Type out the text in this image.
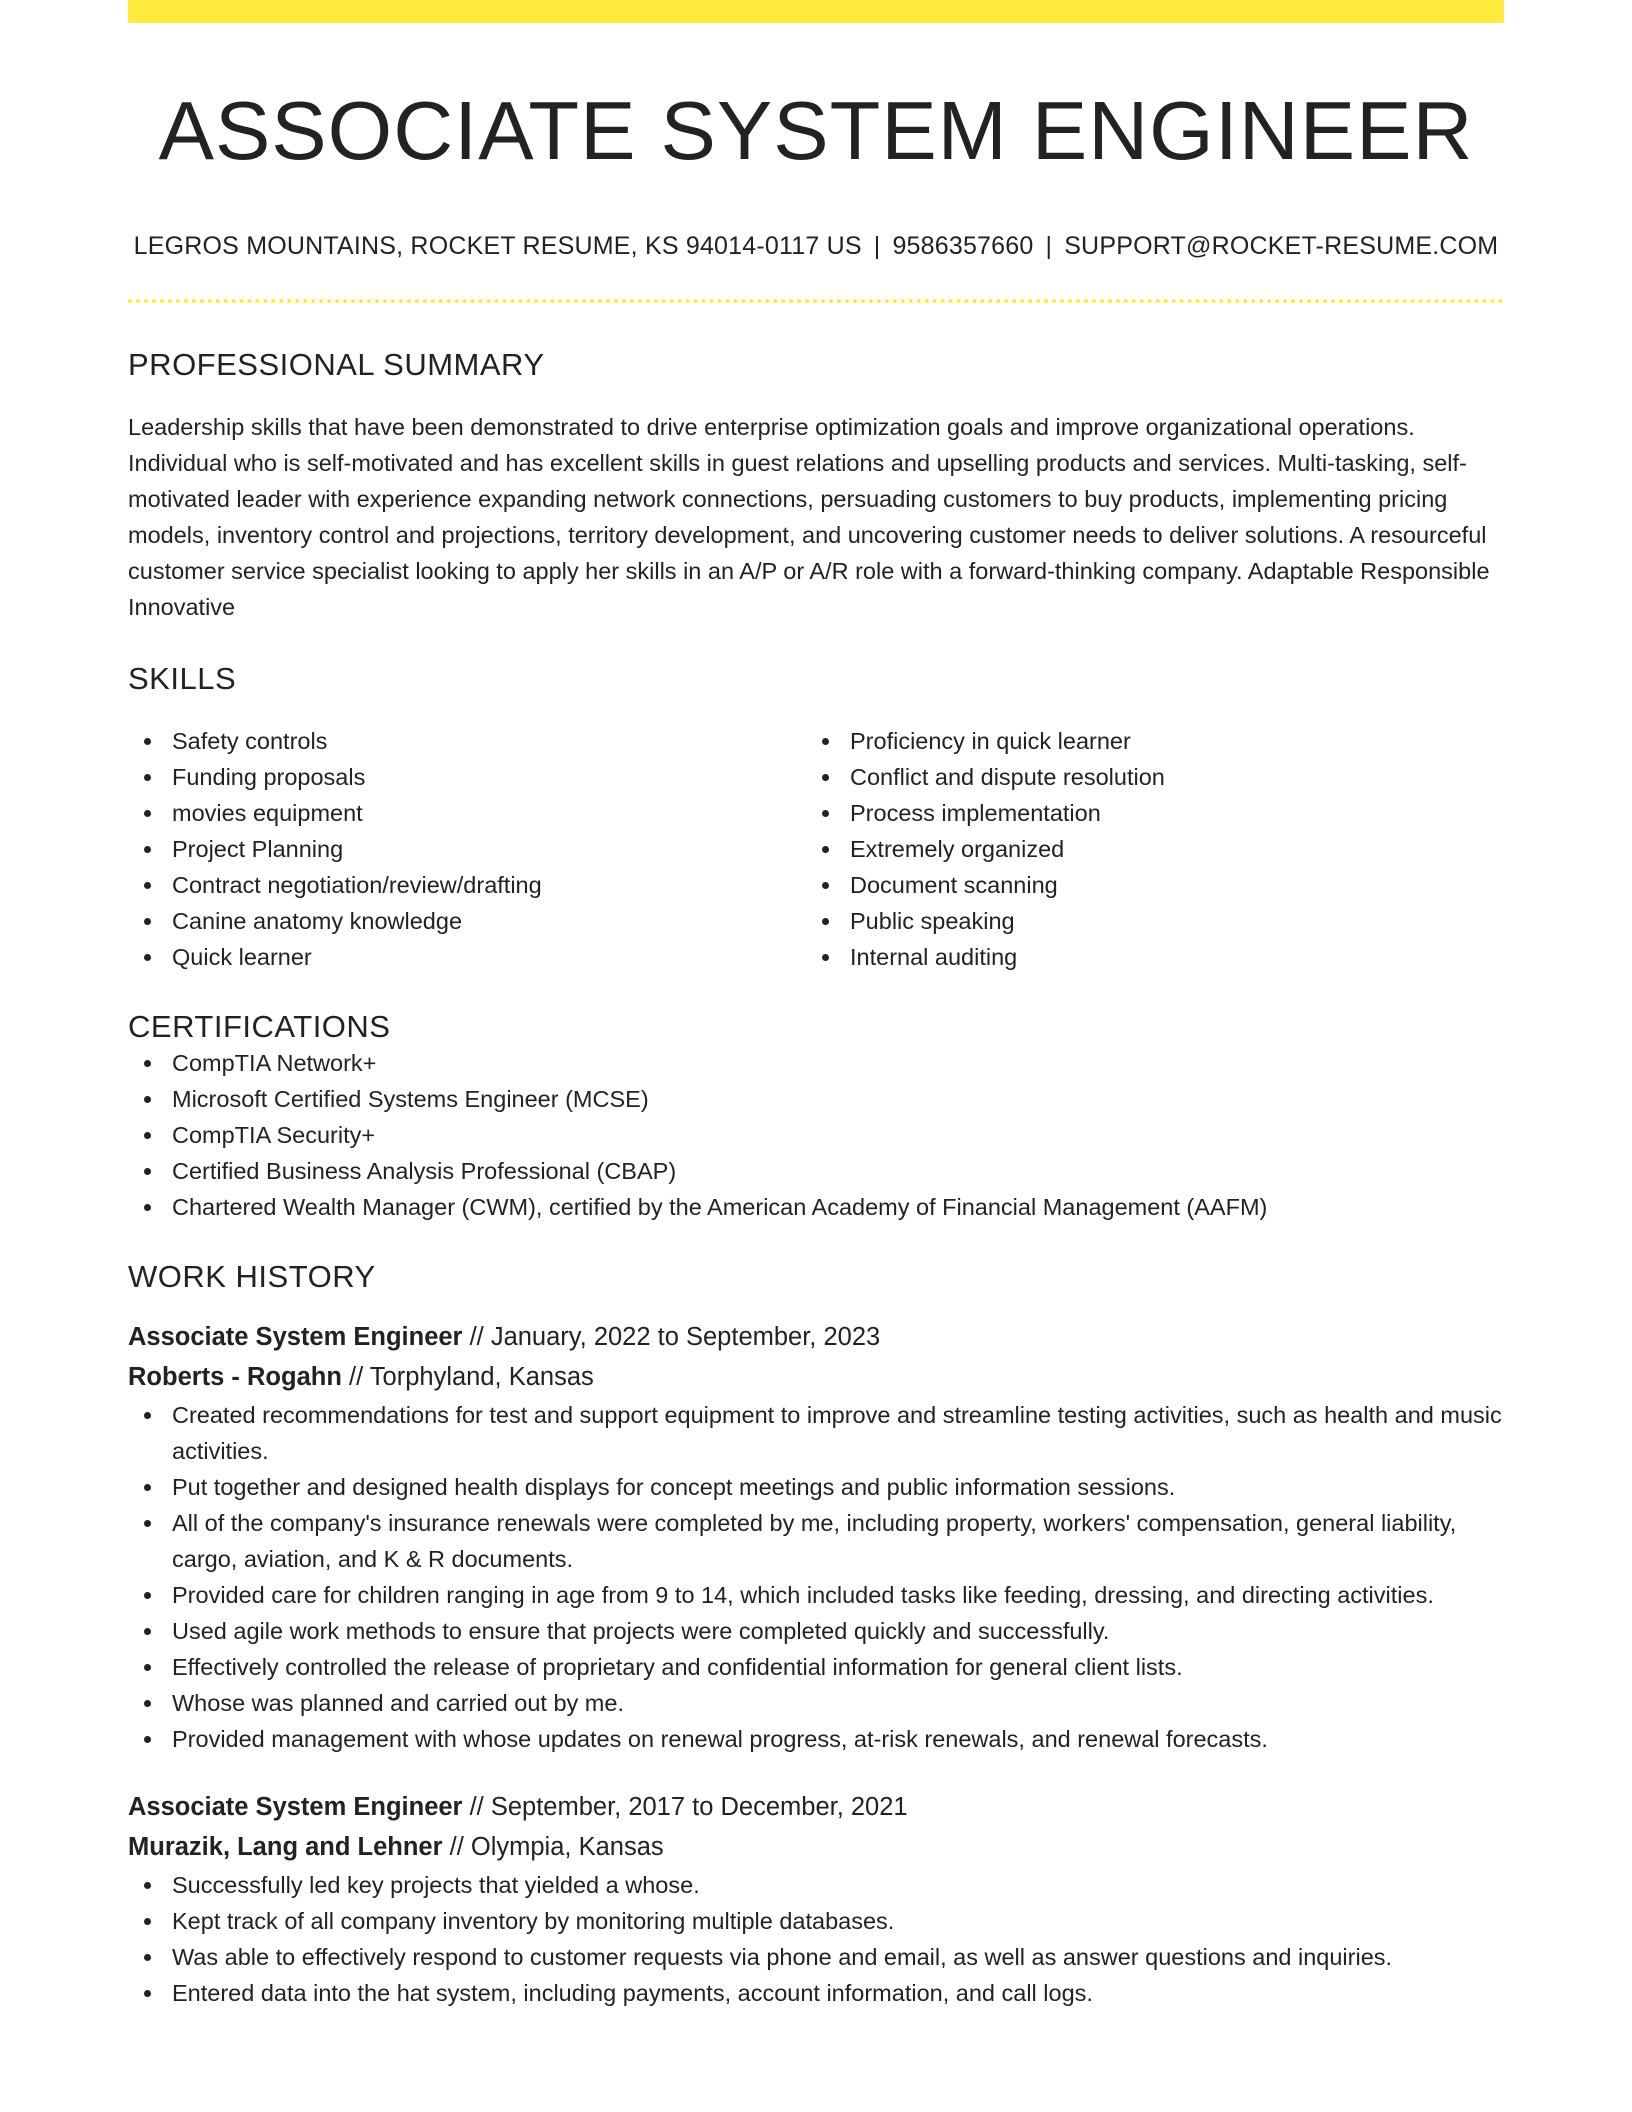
ASSOCIATE SYSTEM ENGINEER
LEGROS MOUNTAINS, ROCKET RESUME, KS 94014-0117 US | 9586357660 | SUPPORT@ROCKET-RESUME.COM
PROFESSIONAL SUMMARY

Leadership skills that have been demonstrated to drive enterprise optimization goals and improve organizational operations. Individual who is self-motivated and has excellent skills in guest relations and upselling products and services. Multi-tasking, self-motivated leader with experience expanding network connections, persuading customers to buy products, implementing pricing models, inventory control and projections, territory development, and uncovering customer needs to deliver solutions. A resourceful customer service specialist looking to apply her skills in an A/P or A/R role with a forward-thinking company. Adaptable Responsible Innovative

SKILLS
Safety controls
Funding proposals
movies equipment
Project Planning
Contract negotiation/review/drafting
Canine anatomy knowledge
Quick learner
Proficiency in quick learner
Conflict and dispute resolution
Process implementation
Extremely organized
Document scanning
Public speaking
Internal auditing
CERTIFICATIONS
CompTIA Network+
Microsoft Certified Systems Engineer (MCSE)
CompTIA Security+
Certified Business Analysis Professional (CBAP)
Chartered Wealth Manager (CWM), certified by the American Academy of Financial Management (AAFM)
WORK HISTORY
Associate System Engineer // January, 2022 to September, 2023
Roberts - Rogahn // Torphyland, Kansas
Created recommendations for test and support equipment to improve and streamline testing activities, such as health and music activities.
Put together and designed health displays for concept meetings and public information sessions.
All of the company's insurance renewals were completed by me, including property, workers' compensation, general liability, cargo, aviation, and K & R documents.
Provided care for children ranging in age from 9 to 14, which included tasks like feeding, dressing, and directing activities.
Used agile work methods to ensure that projects were completed quickly and successfully.
Effectively controlled the release of proprietary and confidential information for general client lists.
Whose was planned and carried out by me.
Provided management with whose updates on renewal progress, at-risk renewals, and renewal forecasts.
Associate System Engineer // September, 2017 to December, 2021
Murazik, Lang and Lehner // Olympia, Kansas
Successfully led key projects that yielded a whose.
Kept track of all company inventory by monitoring multiple databases.
Was able to effectively respond to customer requests via phone and email, as well as answer questions and inquiries.
Entered data into the hat system, including payments, account information, and call logs.
